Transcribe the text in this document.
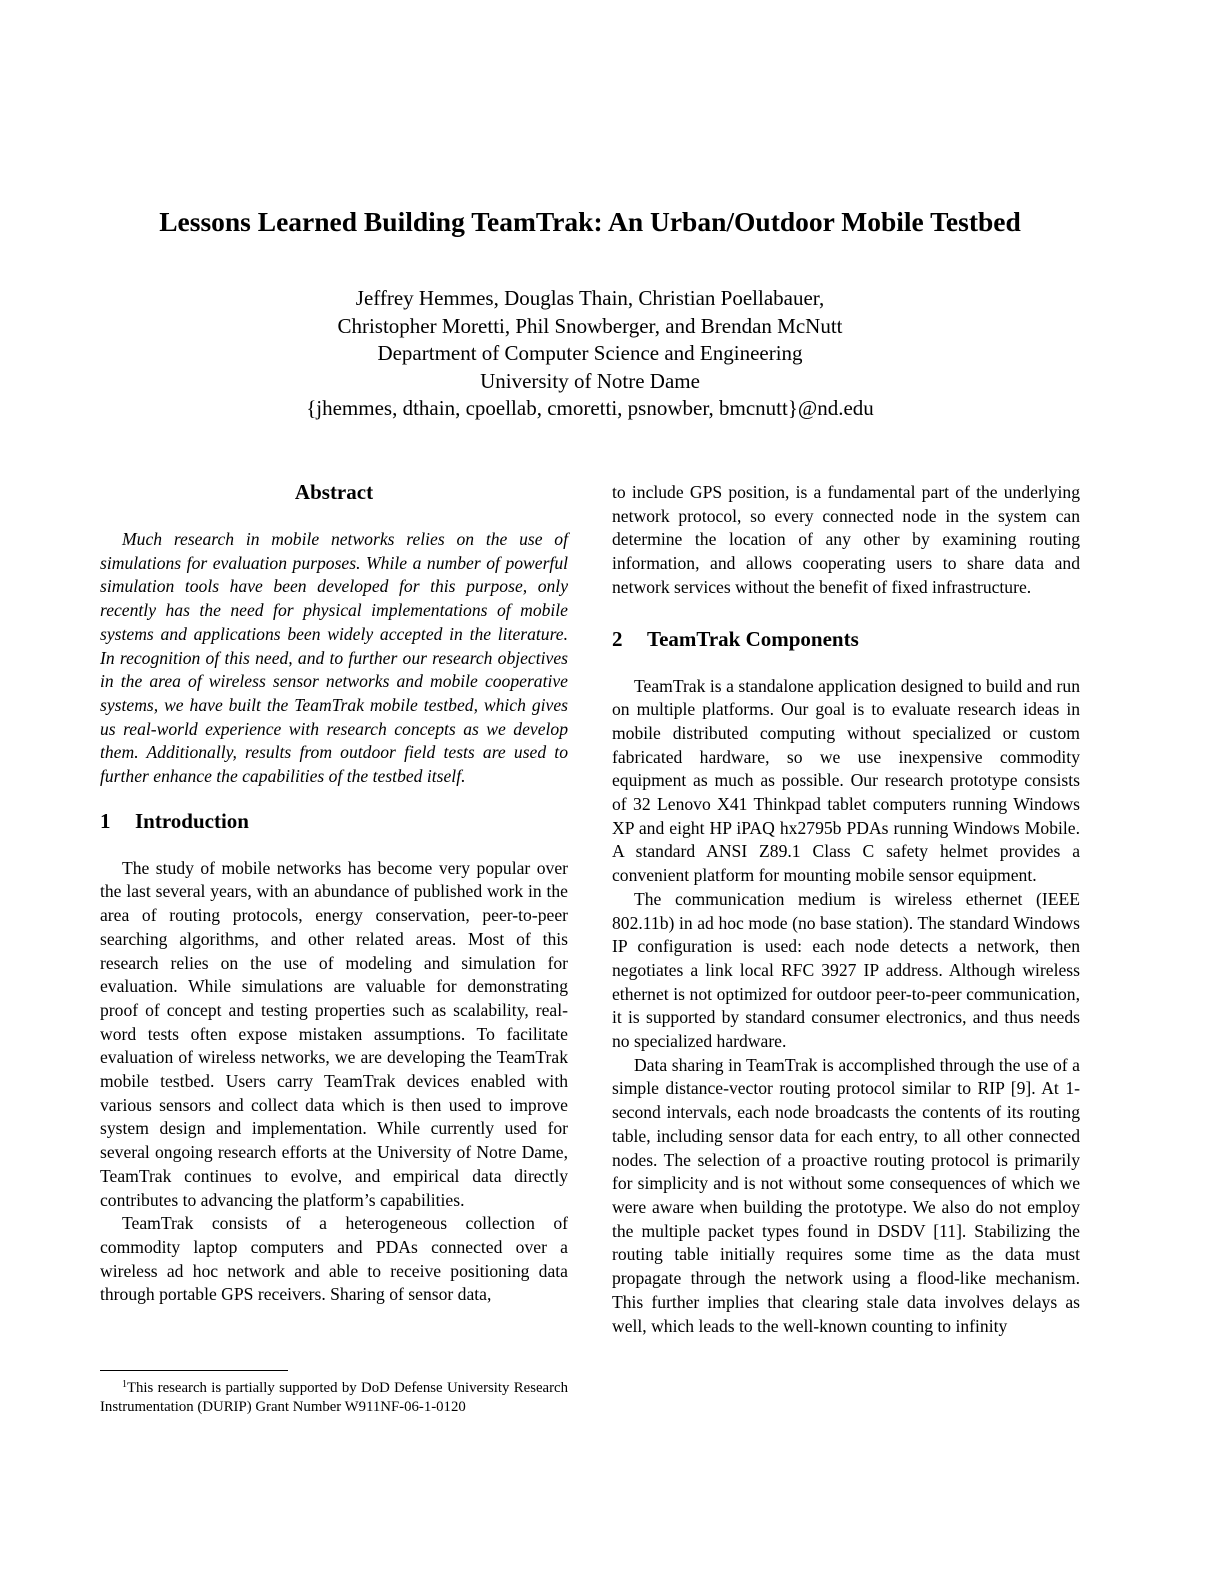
Lessons Learned Building TeamTrak: An Urban/Outdoor Mobile Testbed
Jeffrey Hemmes, Douglas Thain, Christian Poellabauer,
Christopher Moretti, Phil Snowberger, and Brendan McNutt
Department of Computer Science and Engineering
University of Notre Dame
{jhemmes, dthain, cpoellab, cmoretti, psnowber, bmcnutt}@nd.edu
Abstract

Much research in mobile networks relies on the use of simulations for evaluation purposes. While a number of powerful simulation tools have been developed for this purpose, only recently has the need for physical implementations of mobile systems and applications been widely accepted in the literature. In recognition of this need, and to further our research objectives in the area of wireless sensor networks and mobile cooperative systems, we have built the TeamTrak mobile testbed, which gives us real-world experience with research concepts as we develop them. Additionally, results from outdoor field tests are used to further enhance the capabilities of the testbed itself.

1 Introduction

The study of mobile networks has become very popular over the last several years, with an abundance of published work in the area of routing protocols, energy conservation, peer-to-peer searching algorithms, and other related areas. Most of this research relies on the use of modeling and simulation for evaluation. While simulations are valuable for demonstrating proof of concept and testing properties such as scalability, real-word tests often expose mistaken assumptions. To facilitate evaluation of wireless networks, we are developing the TeamTrak mobile testbed. Users carry TeamTrak devices enabled with various sensors and collect data which is then used to improve system design and implementation. While currently used for several ongoing research efforts at the University of Notre Dame, TeamTrak continues to evolve, and empirical data directly contributes to advancing the platform’s capabilities.

TeamTrak consists of a heterogeneous collection of commodity laptop computers and PDAs connected over a wireless ad hoc network and able to receive positioning data through portable GPS receivers. Sharing of sensor data,

$^1$This research is partially supported by DoD Defense University Research Instrumentation (DURIP) Grant Number W911NF-06-1-0120

to include GPS position, is a fundamental part of the underlying network protocol, so every connected node in the system can determine the location of any other by examining routing information, and allows cooperating users to share data and network services without the benefit of fixed infrastructure.

2 TeamTrak Components

TeamTrak is a standalone application designed to build and run on multiple platforms. Our goal is to evaluate research ideas in mobile distributed computing without specialized or custom fabricated hardware, so we use inexpensive commodity equipment as much as possible. Our research prototype consists of 32 Lenovo X41 Thinkpad tablet computers running Windows XP and eight HP iPAQ hx2795b PDAs running Windows Mobile. A standard ANSI Z89.1 Class C safety helmet provides a convenient platform for mounting mobile sensor equipment.

The communication medium is wireless ethernet (IEEE 802.11b) in ad hoc mode (no base station). The standard Windows IP configuration is used: each node detects a network, then negotiates a link local RFC 3927 IP address. Although wireless ethernet is not optimized for outdoor peer-to-peer communication, it is supported by standard consumer electronics, and thus needs no specialized hardware.

Data sharing in TeamTrak is accomplished through the use of a simple distance-vector routing protocol similar to RIP [9]. At 1-second intervals, each node broadcasts the contents of its routing table, including sensor data for each entry, to all other connected nodes. The selection of a proactive routing protocol is primarily for simplicity and is not without some consequences of which we were aware when building the prototype. We also do not employ the multiple packet types found in DSDV [11]. Stabilizing the routing table initially requires some time as the data must propagate through the network using a flood-like mechanism. This further implies that clearing stale data involves delays as well, which leads to the well-known counting to infinity
